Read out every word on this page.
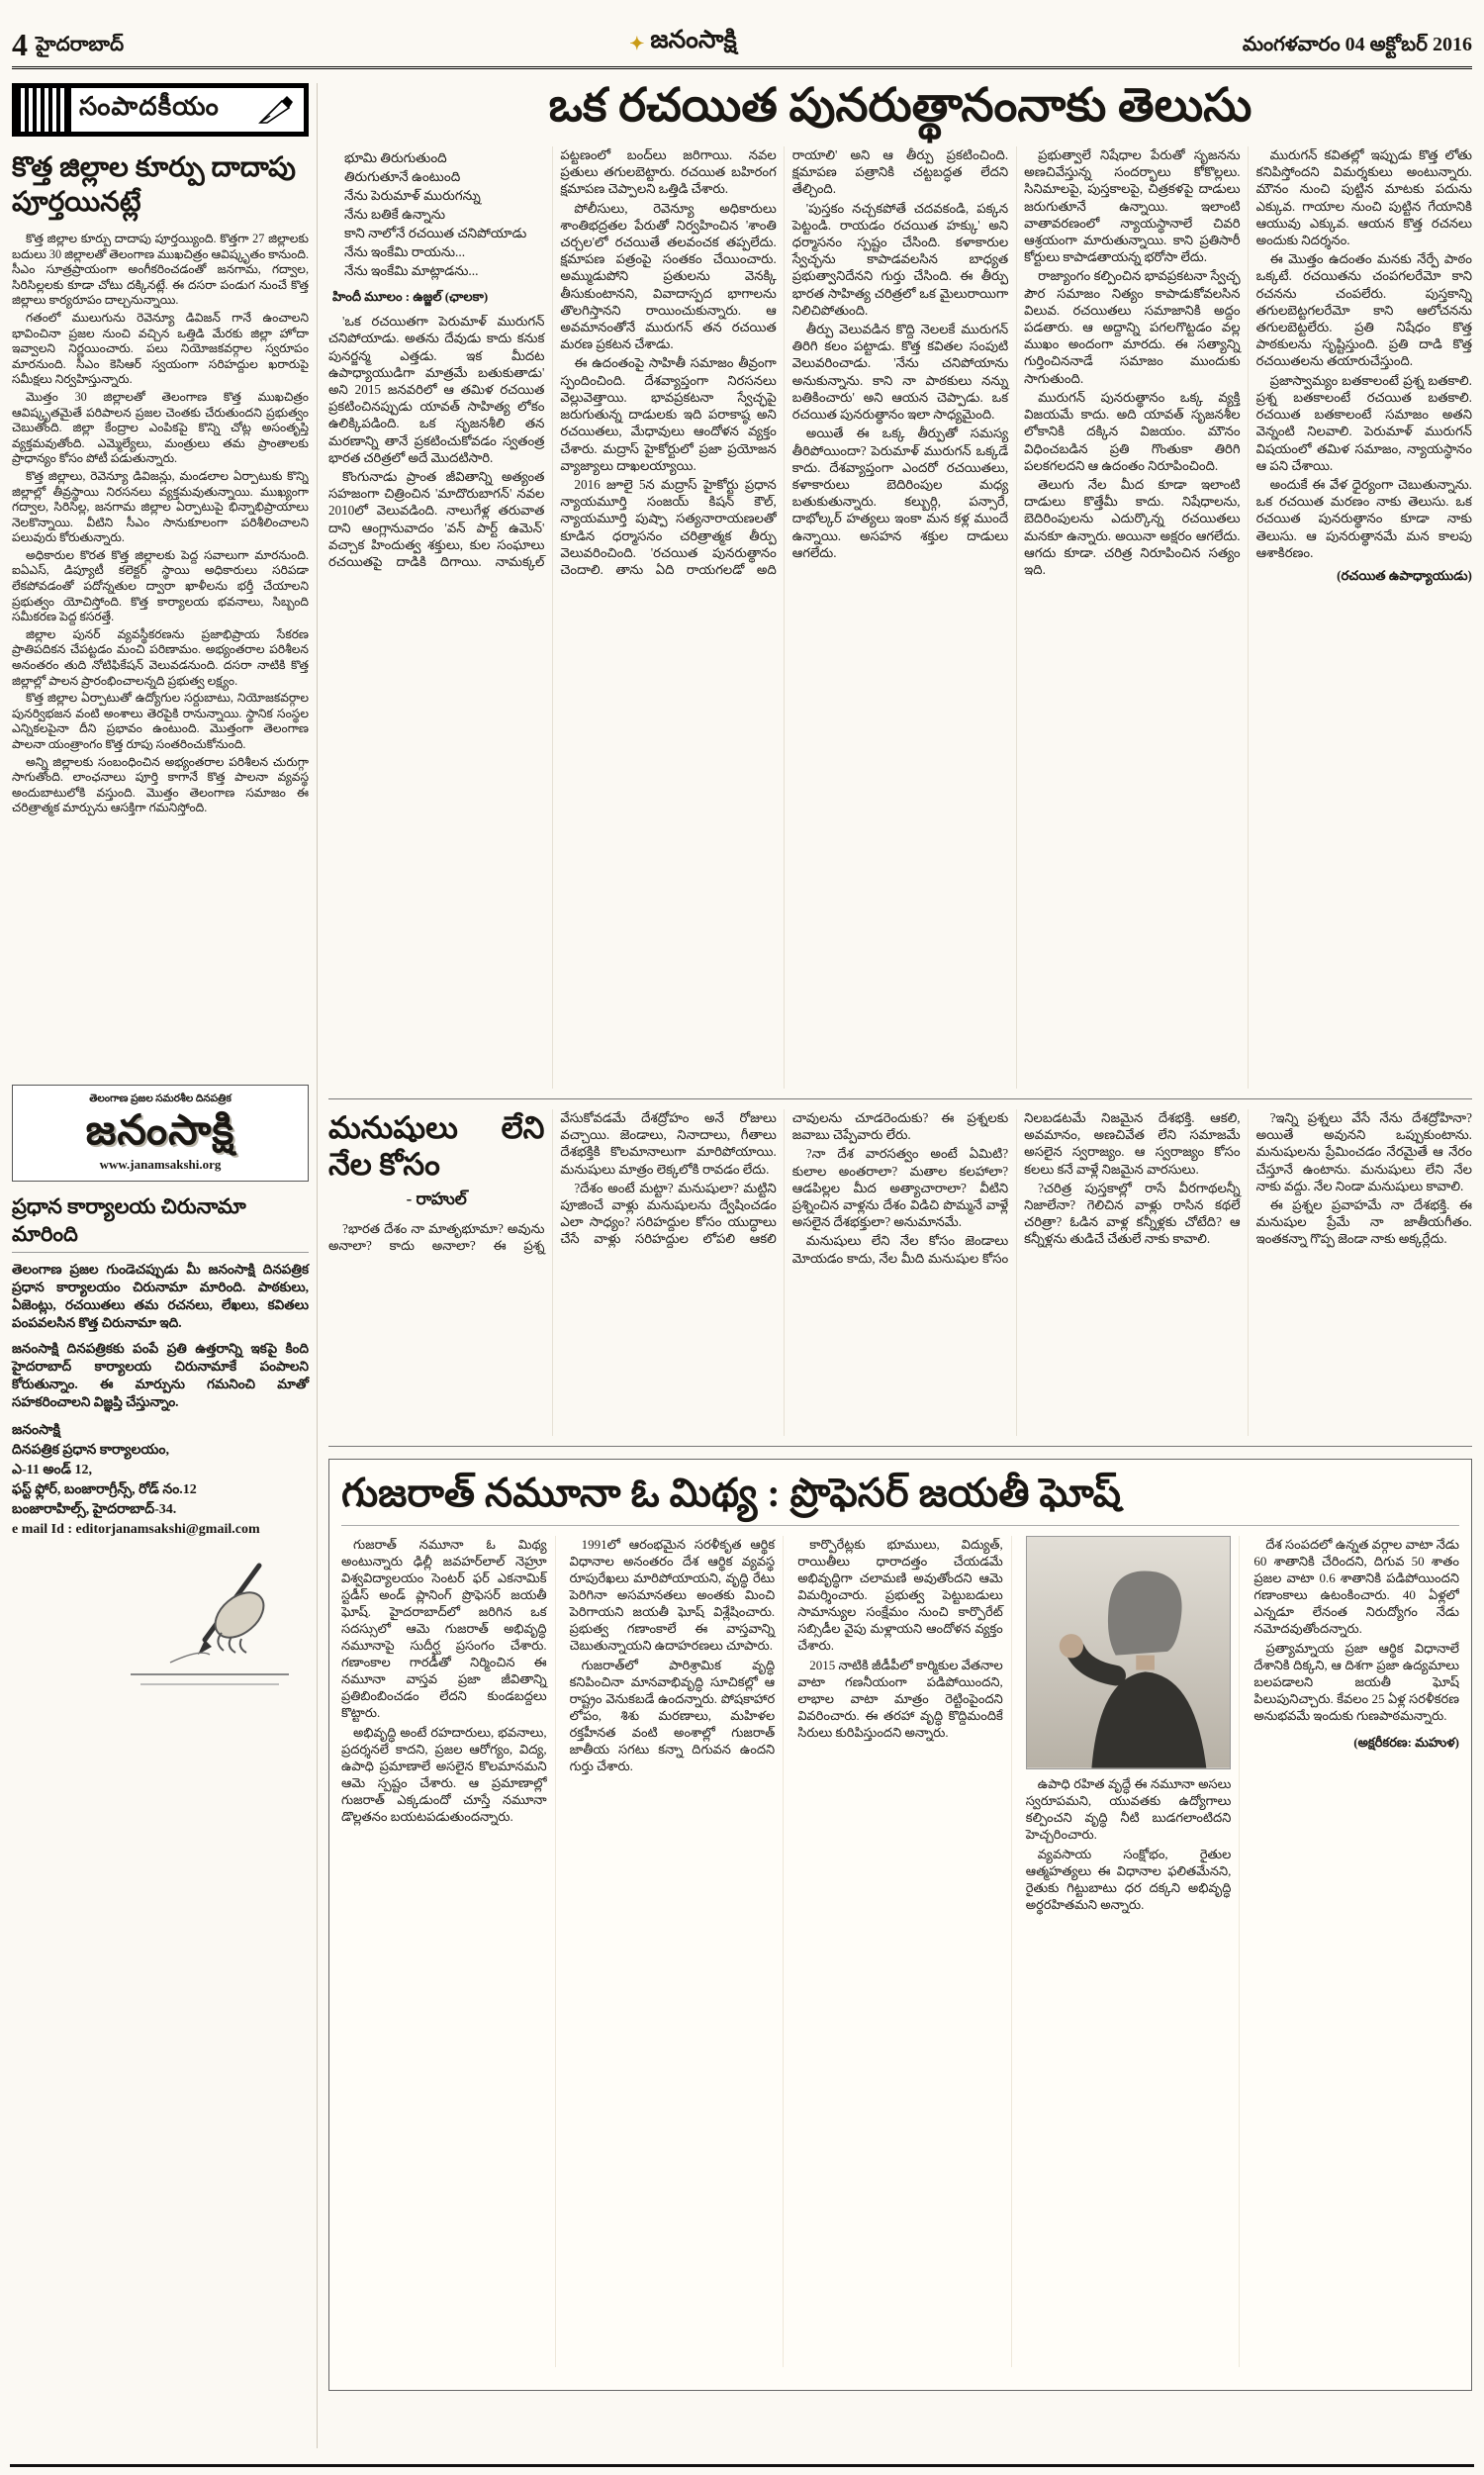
4 హైదరాబాద్	✦ జనంసాక్షి	మంగళవారం 04 అక్టోబర్ 2016
సంపాదకీయం
కొత్త జిల్లాల కూర్పు దాదాపు పూర్తయినట్లే

కొత్త జిల్లాల కూర్పు దాదాపు పూర్తయ్యింది. కొత్తగా 27 జిల్లాలకు బదులు 30 జిల్లాలతో తెలంగాణ ముఖచిత్రం ఆవిష్కృతం కానుంది. సీఎం సూత్రప్రాయంగా అంగీకరించడంతో జనగామ, గద్వాల, సిరిసిల్లలకు కూడా చోటు దక్కినట్లే. ఈ దసరా పండుగ నుంచే కొత్త జిల్లాలు కార్యరూపం దాల్చనున్నాయి.

గతంలో ములుగును రెవెన్యూ డివిజన్ గానే ఉంచాలని భావించినా ప్రజల నుంచి వచ్చిన ఒత్తిడి మేరకు జిల్లా హోదా ఇవ్వాలని నిర్ణయించారు. పలు నియోజకవర్గాల స్వరూపం మారనుంది. సీఎం కెసిఆర్ స్వయంగా సరిహద్దుల ఖరారుపై సమీక్షలు నిర్వహిస్తున్నారు.

మొత్తం 30 జిల్లాలతో తెలంగాణ కొత్త ముఖచిత్రం ఆవిష్కృతమైతే పరిపాలన ప్రజల చెంతకు చేరుతుందని ప్రభుత్వం చెబుతోంది. జిల్లా కేంద్రాల ఎంపికపై కొన్ని చోట్ల అసంతృప్తి వ్యక్తమవుతోంది. ఎమ్మెల్యేలు, మంత్రులు తమ ప్రాంతాలకు ప్రాధాన్యం కోసం పోటీ పడుతున్నారు.

కొత్త జిల్లాలు, రెవెన్యూ డివిజన్లు, మండలాల ఏర్పాటుకు కొన్ని జిల్లాల్లో తీవ్రస్థాయి నిరసనలు వ్యక్తమవుతున్నాయి. ముఖ్యంగా గద్వాల, సిరిసిల్ల, జనగామ జిల్లాల ఏర్పాటుపై భిన్నాభిప్రాయాలు నెలకొన్నాయి. వీటిని సీఎం సానుకూలంగా పరిశీలించాలని పలువురు కోరుతున్నారు.

అధికారుల కొరత కొత్త జిల్లాలకు పెద్ద సవాలుగా మారనుంది. ఐఏఎస్, డిప్యూటీ కలెక్టర్ స్థాయి అధికారులు సరిపడా లేకపోవడంతో పదోన్నతుల ద్వారా ఖాళీలను భర్తీ చేయాలని ప్రభుత్వం యోచిస్తోంది. కొత్త కార్యాలయ భవనాలు, సిబ్బంది సమీకరణ పెద్ద కసరత్తే.

జిల్లాల పునర్ వ్యవస్థీకరణను ప్రజాభిప్రాయ సేకరణ ప్రాతిపదికన చేపట్టడం మంచి పరిణామం. అభ్యంతరాల పరిశీలన అనంతరం తుది నోటిఫికేషన్ వెలువడనుంది. దసరా నాటికి కొత్త జిల్లాల్లో పాలన ప్రారంభించాలన్నది ప్రభుత్వ లక్ష్యం.

కొత్త జిల్లాల ఏర్పాటుతో ఉద్యోగుల సర్దుబాటు, నియోజకవర్గాల పునర్విభజన వంటి అంశాలు తెరపైకి రానున్నాయి. స్థానిక సంస్థల ఎన్నికలపైనా దీని ప్రభావం ఉంటుంది. మొత్తంగా తెలంగాణ పాలనా యంత్రాంగం కొత్త రూపు సంతరించుకోనుంది.

అన్ని జిల్లాలకు సంబంధించిన అభ్యంతరాల పరిశీలన చురుగ్గా సాగుతోంది. లాంఛనాలు పూర్తి కాగానే కొత్త పాలనా వ్యవస్థ అందుబాటులోకి వస్తుంది. మొత్తం తెలంగాణ సమాజం ఈ చరిత్రాత్మక మార్పును ఆసక్తిగా గమనిస్తోంది.

తెలంగాణ ప్రజల సమరశీల దినపత్రిక
జనంసాక్షి
www.janamsakshi.org
ప్రధాన కార్యాలయ చిరునామా మారింది

తెలంగాణ ప్రజల గుండెచప్పుడు మీ జనంసాక్షి దినపత్రిక ప్రధాన కార్యాలయం చిరునామా మారింది. పాఠకులు, ఏజెంట్లు, రచయితలు తమ రచనలు, లేఖలు, కవితలు పంపవలసిన కొత్త చిరునామా ఇది.

జనంసాక్షి దినపత్రికకు పంపే ప్రతి ఉత్తరాన్ని ఇకపై కింది హైదరాబాద్ కార్యాలయ చిరునామాకే పంపాలని కోరుతున్నాం. ఈ మార్పును గమనించి మాతో సహకరించాలని విజ్ఞప్తి చేస్తున్నాం.

జనంసాక్షి
దినపత్రిక ప్రధాన కార్యాలయం,
ఎ-11 అండ్ 12,
ఫస్ట్ ఫ్లోర్, బంజారాగ్రీన్స్, రోడ్ నం.12
బంజారాహిల్స్, హైదరాబాద్-34.
e mail Id : editorjanamsakshi@gmail.com
ఒక రచయిత పునరుత్థానంనాకు తెలుసు
భూమి తిరుగుతుంది
తిరుగుతూనే ఉంటుంది
నేను పెరుమాళ్ మురుగన్ను
నేను బతికే ఉన్నాను
కాని నాలోనే రచయిత చనిపోయాడు
నేను ఇంకేమి రాయను...
నేను ఇంకేమి మాట్లాడను...
హిందీ మూలం : ఉజ్జల్ (ఛాలకా)

'ఒక రచయితగా పెరుమాళ్ మురుగన్ చనిపోయాడు. అతను దేవుడు కాదు కనుక పునర్జన్మ ఎత్తడు. ఇక మీదట ఉపాధ్యాయుడిగా మాత్రమే బతుకుతాడు' అని 2015 జనవరిలో ఆ తమిళ రచయిత ప్రకటించినప్పుడు యావత్ సాహిత్య లోకం ఉలిక్కిపడింది. ఒక సృజనశీలి తన మరణాన్ని తానే ప్రకటించుకోవడం స్వతంత్ర భారత చరిత్రలో అదే మొదటిసారి.

కొంగునాడు ప్రాంత జీవితాన్ని అత్యంత సహజంగా చిత్రించిన 'మాదొరుబాగన్' నవల 2010లో వెలువడింది. నాలుగేళ్ల తరువాత దాని ఆంగ్లానువాదం 'వన్ పార్ట్ ఉమెన్' వచ్చాక హిందుత్వ శక్తులు, కుల సంఘాలు రచయితపై దాడికి దిగాయి. నామక్కల్ పట్టణంలో బంద్‌లు జరిగాయి. నవల ప్రతులు తగులబెట్టారు. రచయిత బహిరంగ క్షమాపణ చెప్పాలని ఒత్తిడి చేశారు.

పోలీసులు, రెవెన్యూ అధికారులు శాంతిభద్రతల పేరుతో నిర్వహించిన 'శాంతి చర్చల'లో రచయితే తలవంచక తప్పలేదు. క్షమాపణ పత్రంపై సంతకం చేయించారు. అమ్ముడుపోని ప్రతులను వెనక్కి తీసుకుంటానని, వివాదాస్పద భాగాలను తొలగిస్తానని రాయించుకున్నారు. ఆ అవమానంతోనే మురుగన్ తన రచయిత మరణ ప్రకటన చేశాడు.

ఈ ఉదంతంపై సాహితీ సమాజం తీవ్రంగా స్పందించింది. దేశవ్యాప్తంగా నిరసనలు వెల్లువెత్తాయి. భావప్రకటనా స్వేచ్ఛపై జరుగుతున్న దాడులకు ఇది పరాకాష్ఠ అని రచయితలు, మేధావులు ఆందోళన వ్యక్తం చేశారు. మద్రాస్ హైకోర్టులో ప్రజా ప్రయోజన వ్యాజ్యాలు దాఖలయ్యాయి.

2016 జూలై 5న మద్రాస్ హైకోర్టు ప్రధాన న్యాయమూర్తి సంజయ్ కిషన్ కౌల్, న్యాయమూర్తి పుష్పా సత్యనారాయణలతో కూడిన ధర్మాసనం చరిత్రాత్మక తీర్పు వెలువరించింది. 'రచయిత పునరుత్థానం చెందాలి. తాను ఏది రాయగలడో అది రాయాలి' అని ఆ తీర్పు ప్రకటించింది. క్షమాపణ పత్రానికి చట్టబద్ధత లేదని తేల్చింది.

'పుస్తకం నచ్చకపోతే చదవకండి, పక్కన పెట్టండి. రాయడం రచయిత హక్కు' అని ధర్మాసనం స్పష్టం చేసింది. కళాకారుల స్వేచ్ఛను కాపాడవలసిన బాధ్యత ప్రభుత్వానిదేనని గుర్తు చేసింది. ఈ తీర్పు భారత సాహిత్య చరిత్రలో ఒక మైలురాయిగా నిలిచిపోతుంది.

తీర్పు వెలువడిన కొద్ది నెలలకే మురుగన్ తిరిగి కలం పట్టాడు. కొత్త కవితల సంపుటి వెలువరించాడు. 'నేను చనిపోయాను అనుకున్నాను. కాని నా పాఠకులు నన్ను బతికించారు' అని ఆయన చెప్పాడు. ఒక రచయిత పునరుత్థానం ఇలా సాధ్యమైంది.

అయితే ఈ ఒక్క తీర్పుతో సమస్య తీరిపోయిందా? పెరుమాళ్ మురుగన్ ఒక్కడే కాదు. దేశవ్యాప్తంగా ఎందరో రచయితలు, కళాకారులు బెదిరింపుల మధ్య బతుకుతున్నారు. కల్బుర్గి, పన్సారే, దాభోల్కర్ హత్యలు ఇంకా మన కళ్ల ముందే ఉన్నాయి. అసహన శక్తుల దాడులు ఆగలేదు.

ప్రభుత్వాలే నిషేధాల పేరుతో సృజనను అణచివేస్తున్న సందర్భాలు కోకొల్లలు. సినిమాలపై, పుస్తకాలపై, చిత్రకళపై దాడులు జరుగుతూనే ఉన్నాయి. ఇలాంటి వాతావరణంలో న్యాయస్థానాలే చివరి ఆశ్రయంగా మారుతున్నాయి. కాని ప్రతిసారీ కోర్టులు కాపాడతాయన్న భరోసా లేదు.

రాజ్యాంగం కల్పించిన భావప్రకటనా స్వేచ్ఛ పౌర సమాజం నిత్యం కాపాడుకోవలసిన విలువ. రచయితలు సమాజానికి అద్దం పడతారు. ఆ అద్దాన్ని పగలగొట్టడం వల్ల ముఖం అందంగా మారదు. ఈ సత్యాన్ని గుర్తించిననాడే సమాజం ముందుకు సాగుతుంది.

మురుగన్ పునరుత్థానం ఒక్క వ్యక్తి విజయమే కాదు. అది యావత్ సృజనశీల లోకానికి దక్కిన విజయం. మౌనం విధించబడిన ప్రతి గొంతుకా తిరిగి పలకగలదని ఆ ఉదంతం నిరూపించింది.

తెలుగు నేల మీద కూడా ఇలాంటి దాడులు కొత్తేమీ కాదు. నిషేధాలను, బెదిరింపులను ఎదుర్కొన్న రచయితలు మనకూ ఉన్నారు. అయినా అక్షరం ఆగలేదు. ఆగదు కూడా. చరిత్ర నిరూపించిన సత్యం ఇది.

మురుగన్ కవితల్లో ఇప్పుడు కొత్త లోతు కనిపిస్తోందని విమర్శకులు అంటున్నారు. మౌనం నుంచి పుట్టిన మాటకు పదును ఎక్కువ. గాయాల నుంచి పుట్టిన గేయానికి ఆయువు ఎక్కువ. ఆయన కొత్త రచనలు అందుకు నిదర్శనం.

ఈ మొత్తం ఉదంతం మనకు నేర్పే పాఠం ఒక్కటే. రచయితను చంపగలరేమో కాని రచనను చంపలేరు. పుస్తకాన్ని తగులబెట్టగలరేమో కాని ఆలోచనను తగులబెట్టలేరు. ప్రతి నిషేధం కొత్త పాఠకులను సృష్టిస్తుంది. ప్రతి దాడి కొత్త రచయితలను తయారుచేస్తుంది.

ప్రజాస్వామ్యం బతకాలంటే ప్రశ్న బతకాలి. ప్రశ్న బతకాలంటే రచయిత బతకాలి. రచయిత బతకాలంటే సమాజం అతని వెన్నంటి నిలవాలి. పెరుమాళ్ మురుగన్ విషయంలో తమిళ సమాజం, న్యాయస్థానం ఆ పని చేశాయి.

అందుకే ఈ వేళ ధైర్యంగా చెబుతున్నాను. ఒక రచయిత మరణం నాకు తెలుసు. ఒక రచయిత పునరుత్థానం కూడా నాకు తెలుసు. ఆ పునరుత్థానమే మన కాలపు ఆశాకిరణం.

(రచయిత ఉపాధ్యాయుడు)
మనుషులు లేని నేల కోసం
- రాహుల్

?భారత దేశం నా మాతృభూమా? అవును అనాలా? కాదు అనాలా? ఈ ప్రశ్న వేసుకోవడమే దేశద్రోహం అనే రోజులు వచ్చాయి. జెండాలు, నినాదాలు, గీతాలు దేశభక్తికి కొలమానాలుగా మారిపోయాయి. మనుషులు మాత్రం లెక్కలోకి రావడం లేదు.

?దేశం అంటే మట్టా? మనుషులా? మట్టిని పూజించే వాళ్లు మనుషులను ద్వేషించడం ఎలా సాధ్యం? సరిహద్దుల కోసం యుద్ధాలు చేసే వాళ్లు సరిహద్దుల లోపలి ఆకలి చావులను చూడరెందుకు? ఈ ప్రశ్నలకు జవాబు చెప్పేవారు లేరు.

?నా దేశ వారసత్వం అంటే ఏమిటి? కులాల అంతరాలా? మతాల కలహాలా? ఆడపిల్లల మీద అత్యాచారాలా? వీటిని ప్రశ్నించిన వాళ్లను దేశం విడిచి పొమ్మనే వాళ్లే అసలైన దేశభక్తులా? అనుమానమే.

మనుషులు లేని నేల కోసం జెండాలు మోయడం కాదు, నేల మీది మనుషుల కోసం నిలబడటమే నిజమైన దేశభక్తి. ఆకలి, అవమానం, అణచివేత లేని సమాజమే అసలైన స్వరాజ్యం. ఆ స్వరాజ్యం కోసం కలలు కనే వాళ్లే నిజమైన వారసులు.

?చరిత్ర పుస్తకాల్లో రాసే వీరగాథలన్నీ నిజాలేనా? గెలిచిన వాళ్లు రాసిన కథలే చరిత్రా? ఓడిన వాళ్ల కన్నీళ్లకు చోటేది? ఆ కన్నీళ్లను తుడిచే చేతులే నాకు కావాలి.

?ఇన్ని ప్రశ్నలు వేసే నేను దేశద్రోహినా? అయితే అవునని ఒప్పుకుంటాను. మనుషులను ప్రేమించడం నేరమైతే ఆ నేరం చేస్తూనే ఉంటాను. మనుషులు లేని నేల నాకు వద్దు. నేల నిండా మనుషులు కావాలి.

ఈ ప్రశ్నల ప్రవాహమే నా దేశభక్తి. ఈ మనుషుల ప్రేమే నా జాతీయగీతం. ఇంతకన్నా గొప్ప జెండా నాకు అక్కర్లేదు.

గుజరాత్ నమూనా ఓ మిథ్య : ప్రొఫెసర్ జయతీ ఘోష్

గుజరాత్ నమూనా ఓ మిథ్య అంటున్నారు ఢిల్లీ జవహర్‌లాల్ నెహ్రూ విశ్వవిద్యాలయం సెంటర్ ఫర్ ఎకనామిక్ స్టడీస్ అండ్ ప్లానింగ్ ప్రొఫెసర్ జయతీ ఘోష్. హైదరాబాద్‌లో జరిగిన ఒక సదస్సులో ఆమె గుజరాత్ అభివృద్ధి నమూనాపై సుదీర్ఘ ప్రసంగం చేశారు. గణాంకాల గారడీతో నిర్మించిన ఈ నమూనా వాస్తవ ప్రజా జీవితాన్ని ప్రతిబింబించడం లేదని కుండబద్దలు కొట్టారు.

అభివృద్ధి అంటే రహదారులు, భవనాలు, ప్రదర్శనలే కాదని, ప్రజల ఆరోగ్యం, విద్య, ఉపాధి ప్రమాణాలే అసలైన కొలమానమని ఆమె స్పష్టం చేశారు. ఆ ప్రమాణాల్లో గుజరాత్ ఎక్కడుందో చూస్తే నమూనా డొల్లతనం బయటపడుతుందన్నారు.

1991లో ఆరంభమైన సరళీకృత ఆర్థిక విధానాల అనంతరం దేశ ఆర్థిక వ్యవస్థ రూపురేఖలు మారిపోయాయని, వృద్ధి రేటు పెరిగినా అసమానతలు అంతకు మించి పెరిగాయని జయతీ ఘోష్ విశ్లేషించారు. ప్రభుత్వ గణాంకాలే ఈ వాస్తవాన్ని చెబుతున్నాయని ఉదాహరణలు చూపారు.

గుజరాత్‌లో పారిశ్రామిక వృద్ధి కనిపించినా మానవాభివృద్ధి సూచికల్లో ఆ రాష్ట్రం వెనుకబడే ఉందన్నారు. పోషకాహార లోపం, శిశు మరణాలు, మహిళల రక్తహీనత వంటి అంశాల్లో గుజరాత్ జాతీయ సగటు కన్నా దిగువన ఉందని గుర్తు చేశారు.

కార్పొరేట్లకు భూములు, విద్యుత్, రాయితీలు ధారాదత్తం చేయడమే అభివృద్ధిగా చలామణి అవుతోందని ఆమె విమర్శించారు. ప్రభుత్వ పెట్టుబడులు సామాన్యుల సంక్షేమం నుంచి కార్పొరేట్ సబ్సిడీల వైపు మళ్లాయని ఆందోళన వ్యక్తం చేశారు.

2015 నాటికి జీడీపీలో కార్మికుల వేతనాల వాటా గణనీయంగా పడిపోయిందని, లాభాల వాటా మాత్రం రెట్టింపైందని వివరించారు. ఈ తరహా వృద్ధి కొద్దిమందికే సిరులు కురిపిస్తుందని అన్నారు.

ఉపాధి రహిత వృద్ధే ఈ నమూనా అసలు స్వరూపమని, యువతకు ఉద్యోగాలు కల్పించని వృద్ధి నీటి బుడగలాంటిదని హెచ్చరించారు.

వ్యవసాయ సంక్షోభం, రైతుల ఆత్మహత్యలు ఈ విధానాల ఫలితమేనని, రైతుకు గిట్టుబాటు ధర దక్కని అభివృద్ధి అర్థరహితమని అన్నారు.

దేశ సంపదలో ఉన్నత వర్గాల వాటా నేడు 60 శాతానికి చేరిందని, దిగువ 50 శాతం ప్రజల వాటా 0.6 శాతానికి పడిపోయిందని గణాంకాలు ఉటంకించారు. 40 ఏళ్లలో ఎన్నడూ లేనంత నిరుద్యోగం నేడు నమోదవుతోందన్నారు.

ప్రత్యామ్నాయ ప్రజా ఆర్థిక విధానాలే దేశానికి దిక్కని, ఆ దిశగా ప్రజా ఉద్యమాలు బలపడాలని జయతీ ఘోష్ పిలుపునిచ్చారు. కేవలం 25 ఏళ్ల సరళీకరణ అనుభవమే ఇందుకు గుణపాఠమన్నారు.

(అక్షరీకరణ: మహుళ)
